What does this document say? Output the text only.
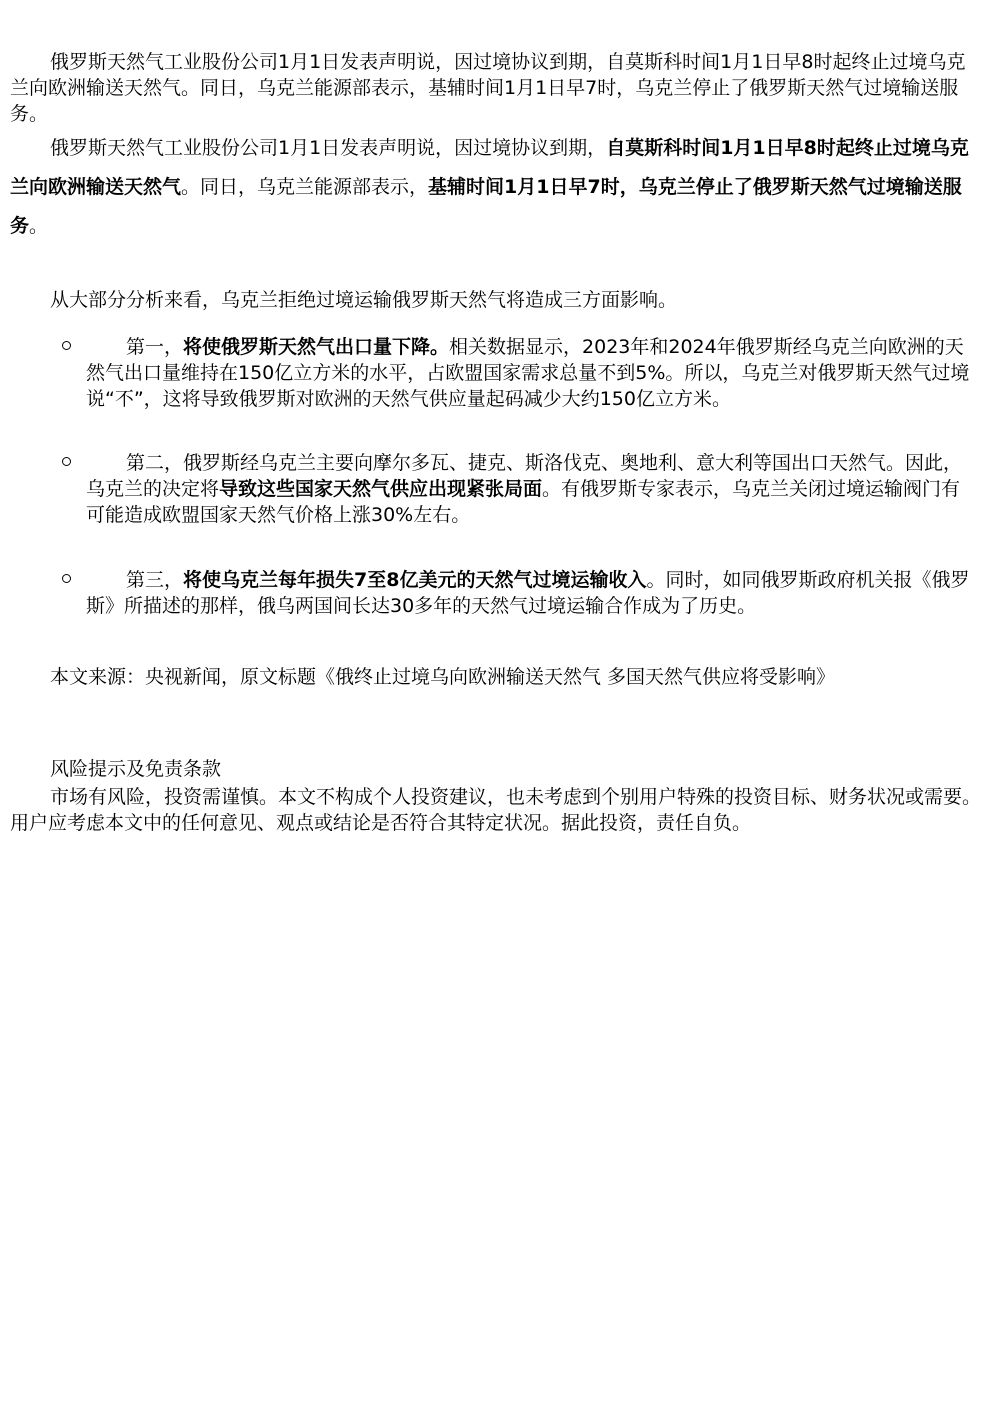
俄罗斯天然气工业股份公司1月1日发表声明说，因过境协议到期，自莫斯科时间1月1日早8时起终止过境乌克兰向欧洲输送天然气。同日，乌克兰能源部表示，基辅时间1月1日早7时，乌克兰停止了俄罗斯天然气过境输送服务。

俄罗斯天然气工业股份公司1月1日发表声明说，因过境协议到期，自莫斯科时间1月1日早8时起终止过境乌克兰向欧洲输送天然气。同日，乌克兰能源部表示，基辅时间1月1日早7时，乌克兰停止了俄罗斯天然气过境输送服务。

从大部分分析来看，乌克兰拒绝过境运输俄罗斯天然气将造成三方面影响。

第一，将使俄罗斯天然气出口量下降。相关数据显示，2023年和2024年俄罗斯经乌克兰向欧洲的天然气出口量维持在150亿立方米的水平，占欧盟国家需求总量不到5%。所以，乌克兰对俄罗斯天然气过境说“不”，这将导致俄罗斯对欧洲的天然气供应量起码减少大约150亿立方米。

第二，俄罗斯经乌克兰主要向摩尔多瓦、捷克、斯洛伐克、奥地利、意大利等国出口天然气。因此，乌克兰的决定将导致这些国家天然气供应出现紧张局面。有俄罗斯专家表示，乌克兰关闭过境运输阀门有可能造成欧盟国家天然气价格上涨30%左右。

第三，将使乌克兰每年损失7至8亿美元的天然气过境运输收入。同时，如同俄罗斯政府机关报《俄罗斯》所描述的那样，俄乌两国间长达30多年的天然气过境运输合作成为了历史。

本文来源：央视新闻，原文标题《俄终止过境乌向欧洲输送天然气 多国天然气供应将受影响》

风险提示及免责条款

市场有风险，投资需谨慎。本文不构成个人投资建议，也未考虑到个别用户特殊的投资目标、财务状况或需要。用户应考虑本文中的任何意见、观点或结论是否符合其特定状况。据此投资，责任自负。
